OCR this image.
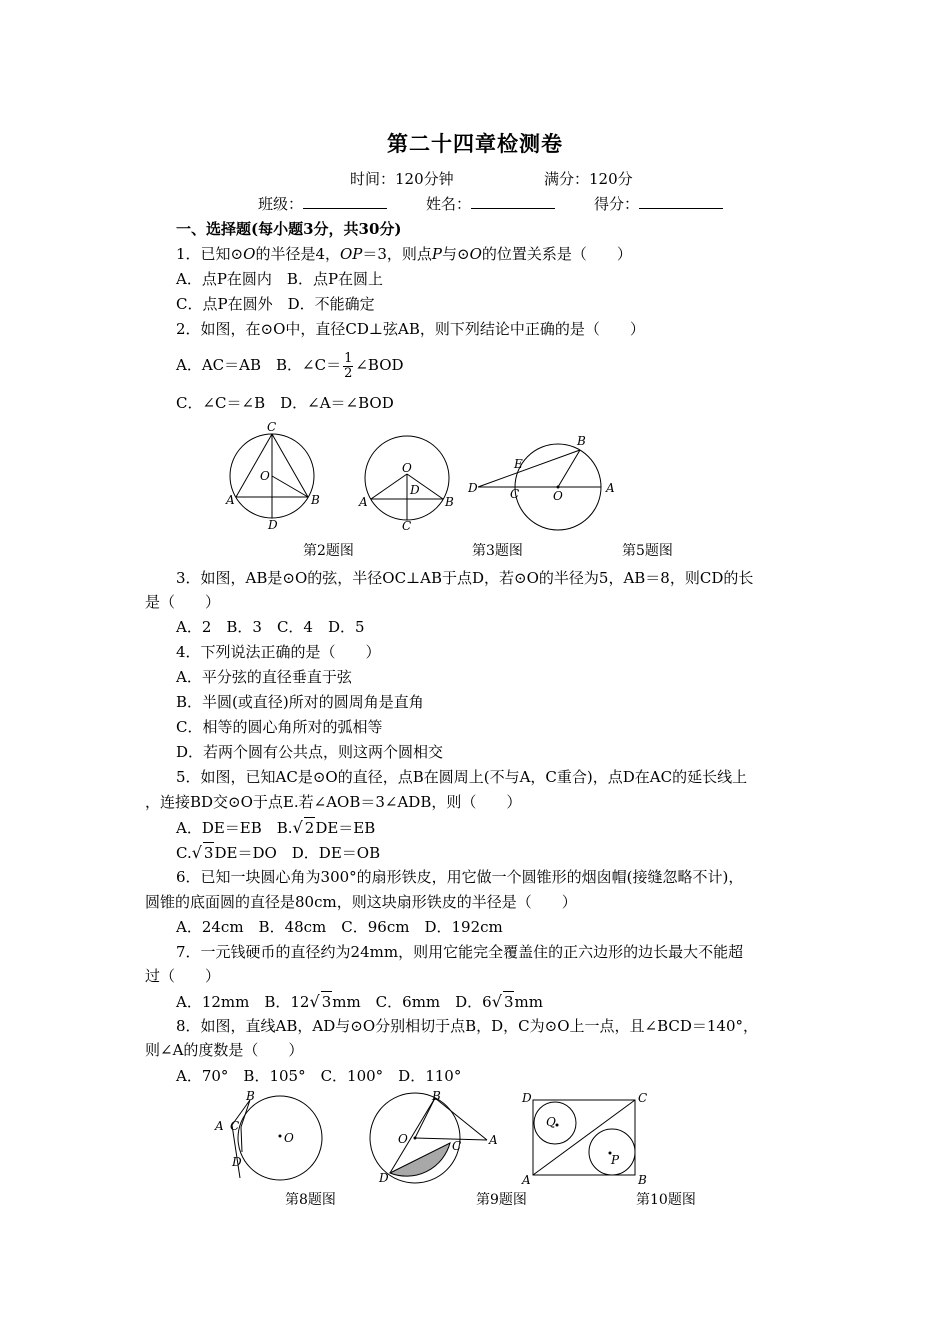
第二十四章检测卷
时间：120分钟	满分：120分
班级：	姓名：	得分：
一、选择题(每小题3分，共30分)
1．已知⊙O的半径是4，OP＝3，则点P与⊙O的位置关系是（　　）
A．点P在圆内　B．点P在圆上
C．点P在圆外　D．不能确定
2．如图，在⊙O中，直径CD⊥弦AB，则下列结论中正确的是（　　）
A．AC＝AB　B．∠C＝ $\frac{1}{2}$ ∠BOD
C．∠C＝∠B　D．∠A＝∠BOD
C
O
A	B
D
O
D
A	B
C
B
E
D	C	O
A
第2题图	第3题图	第5题图
3．如图，AB是⊙O的弦，半径OC⊥AB于点D，若⊙O的半径为5，AB＝8，则CD的长
是（　　）
A．2　B．3　C．4　D．5
4．下列说法正确的是（　　）
A．平分弦的直径垂直于弦
B．半圆(或直径)所对的圆周角是直角
C．相等的圆心角所对的弧相等
D．若两个圆有公共点，则这两个圆相交
5．如图，已知AC是⊙O的直径，点B在圆周上(不与A，C重合)，点D在AC的延长线上
，连接BD交⊙O于点E.若∠AOB＝3∠ADB，则（　　）
A．DE＝EB　B.√ 2DE＝EB
C.√ 3DE＝DO　D．DE＝OB
6．已知一块圆心角为300°的扇形铁皮，用它做一个圆锥形的烟囱帽(接缝忽略不计)，
圆锥的底面圆的直径是80cm，则这块扇形铁皮的半径是（　　）
A．24cm　B．48cm　C．96cm　D．192cm
7．一元钱硬币的直径约为24mm，则用它能完全覆盖住的正六边形的边长最大不能超
过（　　）
A．12mm　B．12√ 3mm　C．6mm　D．6√ 3mm
8．如图，直线AB，AD与⊙O分别相切于点B，D，C为⊙O上一点，且∠BCD＝140°，
则∠A的度数是（　　）
A．70°　B．105°　C．100°　D．110°
B
A C
O
D
B
O	C A
D
D	C
Q
P
A	B
第8题图	第9题图	第10题图
